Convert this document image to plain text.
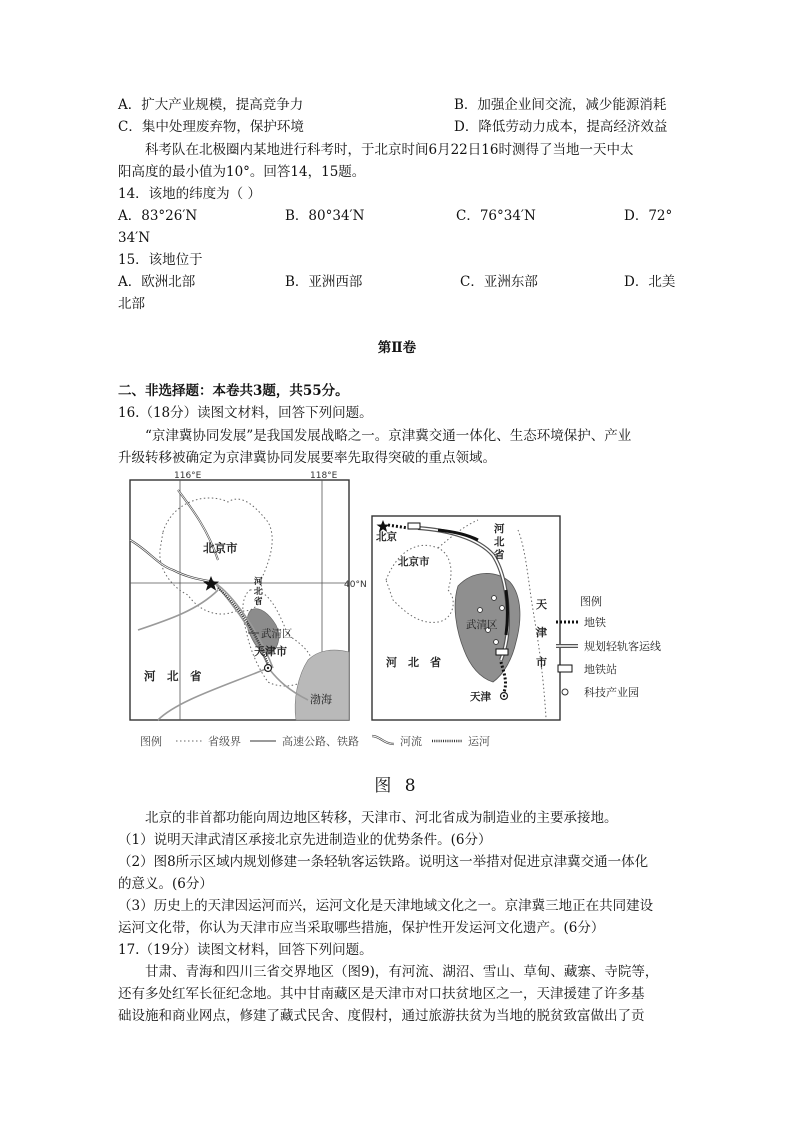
A．扩大产业规模，提高竞争力	B．加强企业间交流，减少能源消耗
C．集中处理废弃物，保护环境	D．降低劳动力成本，提高经济效益
科考队在北极圈内某地进行科考时，于北京时间6月22日16时测得了当地一天中太
阳高度的最小值为10°。回答14，15题。
14．该地的纬度为（ ）
A．83°26′N	B．80°34′N	C．76°34′N	D．72°
34′N
15．该地位于
A．欧洲北部	B．亚洲西部	C．亚洲东部	D．北美
北部
第Ⅱ卷
二、非选择题：本卷共3题，共55分。
16.（18分）读图文材料，回答下列问题。
“京津冀协同发展”是我国发展战略之一。京津冀交通一体化、生态环境保护、产业
升级转移被确定为京津冀协同发展要率先取得突破的重点领域。
116°E	118°E
40°N
北京市
河
北
省
武清区
天津市
河　北　省
渤海
北京
北京市
河
北
省
武清区
天
津
市
河　北　省
天津
图例
地铁
规划轻轨客运线
地铁站
科技产业园
图例	省级界	高速公路、铁路	河流	运河
图 8
北京的非首都功能向周边地区转移，天津市、河北省成为制造业的主要承接地。
（1）说明天津武清区承接北京先进制造业的优势条件。(6分）
（2）图8所示区域内规划修建一条轻轨客运铁路。说明这一举措对促进京津冀交通一体化
的意义。(6分）
（3）历史上的天津因运河而兴，运河文化是天津地域文化之一。京津冀三地正在共同建设
运河文化带，你认为天津市应当采取哪些措施，保护性开发运河文化遗产。(6分）
17.（19分）读图文材料，回答下列问题。
甘肃、青海和四川三省交界地区（图9)，有河流、湖沼、雪山、草甸、藏寨、寺院等，
还有多处红军长征纪念地。其中甘南藏区是天津市对口扶贫地区之一，天津援建了许多基
础设施和商业网点，修建了藏式民舍、度假村，通过旅游扶贫为当地的脱贫致富做出了贡
